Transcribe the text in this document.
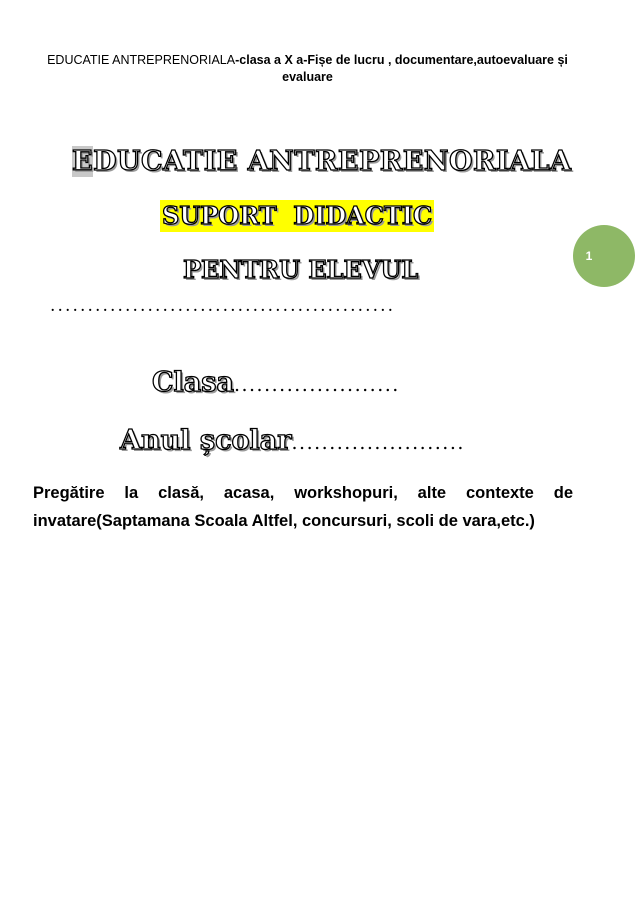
EDUCATIE ANTREPRENORIALA-clasa a X a-Fișe de lucru , documentare,autoevaluare și evaluare
1
EDUCATIE ANTREPRENORIALA
SUPORT  DIDACTIC
PENTRU ELEVUL
..............................................
Clasa......................
Anul școlar.......................
Pregătire la clasă, acasa, workshopuri, alte contexte de invatare(Saptamana Scoala Altfel, concursuri, scoli de vara,etc.)
